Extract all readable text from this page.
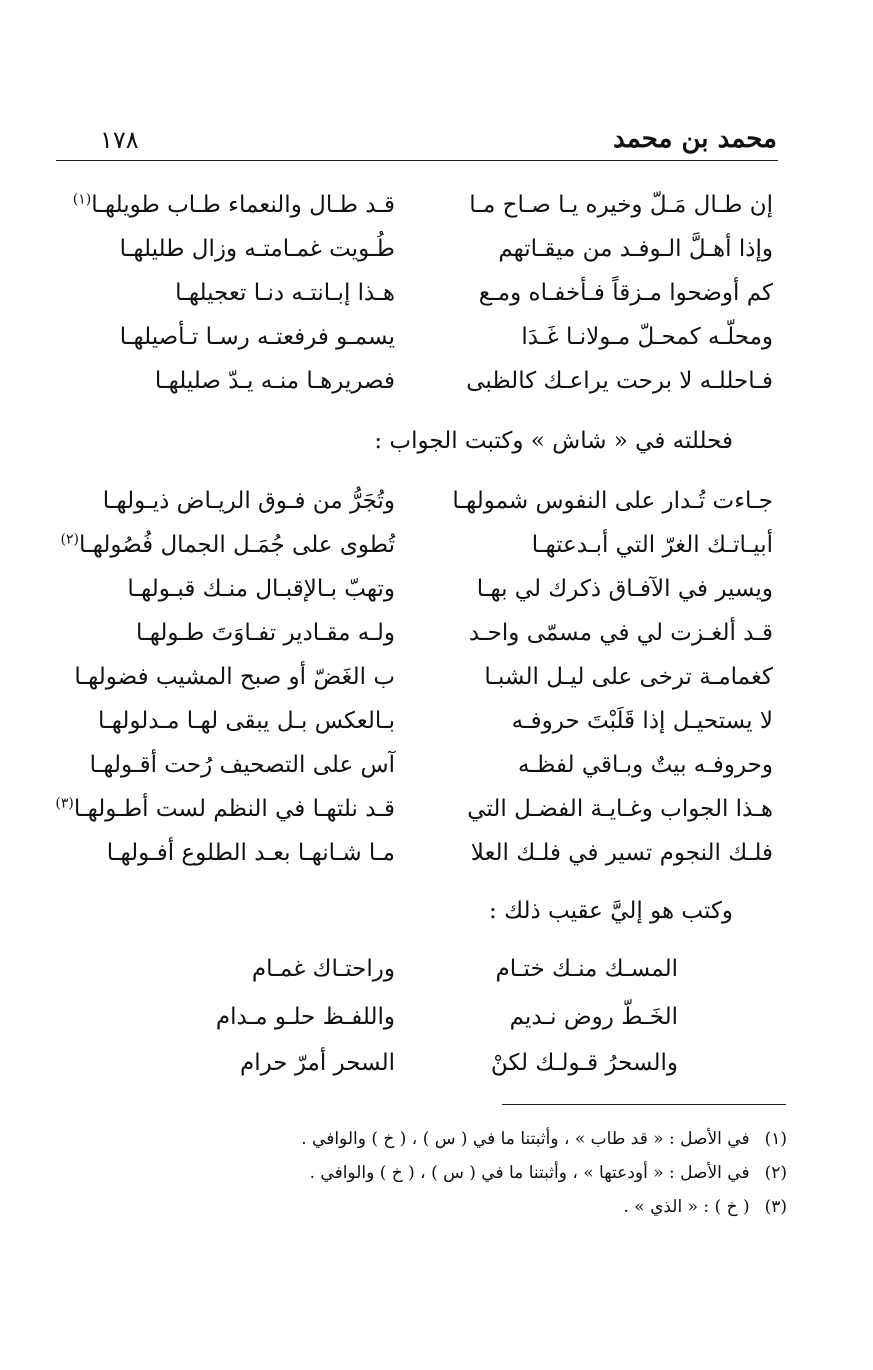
محمد بن محمد
١٧٨
إن طـال مَـلّ وخيره يـا صـاح مـا
قـد طـال والنعماء طـاب طويلهـا$^{(١)}$
وإذا أهـلَّ الـوفـد من ميقـاتهم
طُـويت غمـامتـه وزال طليلهـا
كم أوضحوا مـزقاً فـأخفـاه ومـع
هـذا إبـانتـه دنـا تعجيلهـا
ومحلّـه كمحـلّ مـولانـا غَـدَا
يسمـو فرفعتـه رسـا تـأصيلهـا
فـاحللـه لا برحت يراعـك كالظبى
فصريرهـا منـه يـدّ صليلهـا
فحللته في « شاش » وكتبت الجواب :
جـاءت تُـدار على النفوس شمولهـا
وتُجَرُّ من فـوق الريـاض ذيـولهـا
أبيـاتـك الغرّ التي أبـدعتهـا
تُطوى على جُمَـل الجمال فُصُولهـا$^{(٢)}$
ويسير في الآفـاق ذكرك لي بهـا
وتهبّ بـالإقبـال منـك قبـولهـا
قـد ألغـزت لي في مسمّى واحـد
ولـه مقـادير تفـاوَتَ طـولهـا
كغمامـة ترخى على ليـل الشبـا
ب الغَضّ أو صبح المشيب فضولهـا
لا يستحيـل إذا قَلَبْتَ حروفـه
بـالعكس بـل يبقى لهـا مـدلولهـا
وحروفـه بيتٌ وبـاقي لفظـه
آس على التصحيف رُحت أقـولهـا
هـذا الجواب وغـايـة الفضـل التي
قـد نلتهـا في النظم لست أطـولهـا$^{(٣)}$
فلـك النجوم تسير في فلـك العلا
مـا شـانهـا بعـد الطلوع أفـولهـا
وكتب هو إليَّ عقيب ذلك :
المسـك منـك ختـام
وراحتـاك غمـام
الخَـطّ روض نـديم
واللفـظ حلـو مـدام
والسحرُ قـولـك لكنْ
السحر أمرّ حرام
(١) في الأصل : « قد طاب » ، وأثبتنا ما في ( س ) ، ( خ ) والوافي .
(٢) في الأصل : « أودعتها » ، وأثبتنا ما في ( س ) ، ( خ ) والوافي .
(٣) ( خ ) : « الذي » .
